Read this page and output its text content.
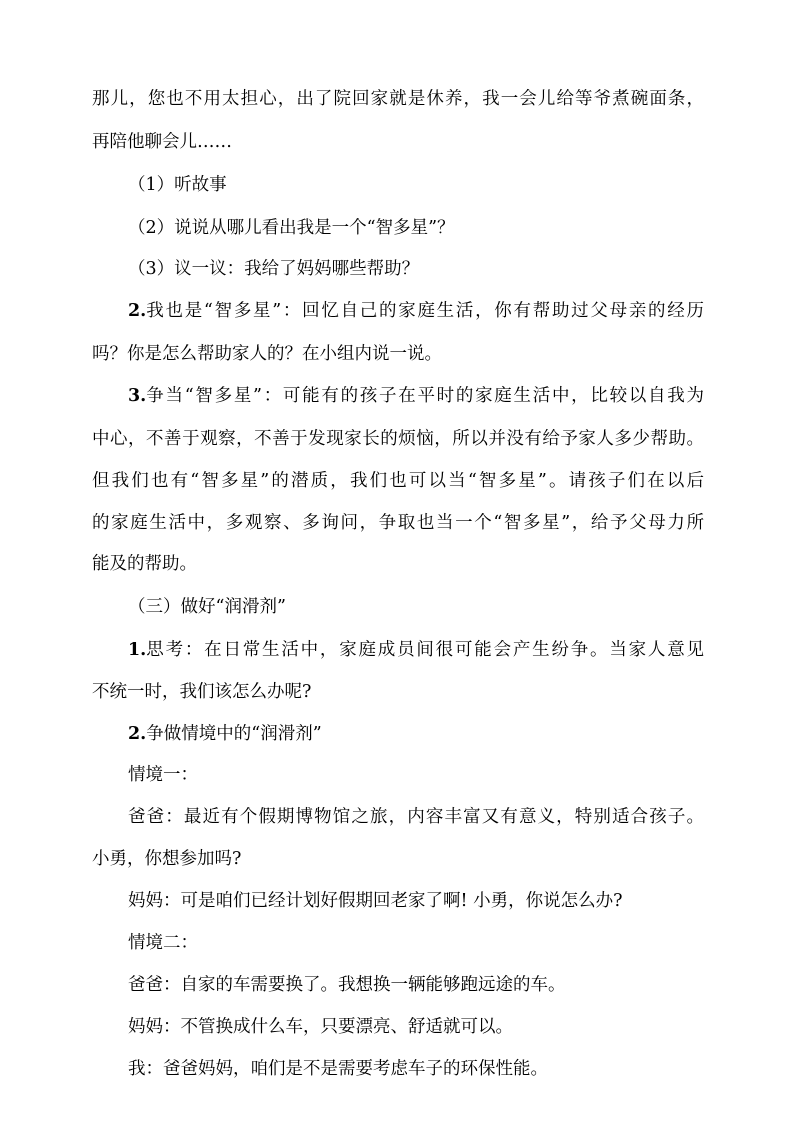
那儿，您也不用太担心，出了院回家就是休养，我一会儿给等爷煮碗面条，
再陪他聊会儿……
（1）听故事
（2）说说从哪儿看出我是一个“智多星”？
（3）议一议：我给了妈妈哪些帮助？
2. 我也是“智多星”：回忆自己的家庭生活，你有帮助过父母亲的经历
吗？你是怎么帮助家人的？在小组内说一说。
3. 争当“智多星”：可能有的孩子在平时的家庭生活中，比较以自我为
中心，不善于观察，不善于发现家长的烦恼，所以并没有给予家人多少帮助。
但我们也有“智多星”的潜质，我们也可以当“智多星”。请孩子们在以后
的家庭生活中，多观察、多询问，争取也当一个“智多星”，给予父母力所
能及的帮助。
（三）做好“润滑剂”
1. 思考：在日常生活中，家庭成员间很可能会产生纷争。当家人意见
不统一时，我们该怎么办呢?
2.争做情境中的“润滑剂”
情境一：
爸爸：最近有个假期博物馆之旅，内容丰富又有意义，特别适合孩子。
小勇，你想参加吗?
妈妈：可是咱们已经计划好假期回老家了啊! 小勇，你说怎么办?
情境二：
爸爸：自家的车需要换了。我想换一辆能够跑远途的车。
妈妈：不管换成什么车，只要漂亮、舒适就可以。
我：爸爸妈妈，咱们是不是需要考虑车子的环保性能。
